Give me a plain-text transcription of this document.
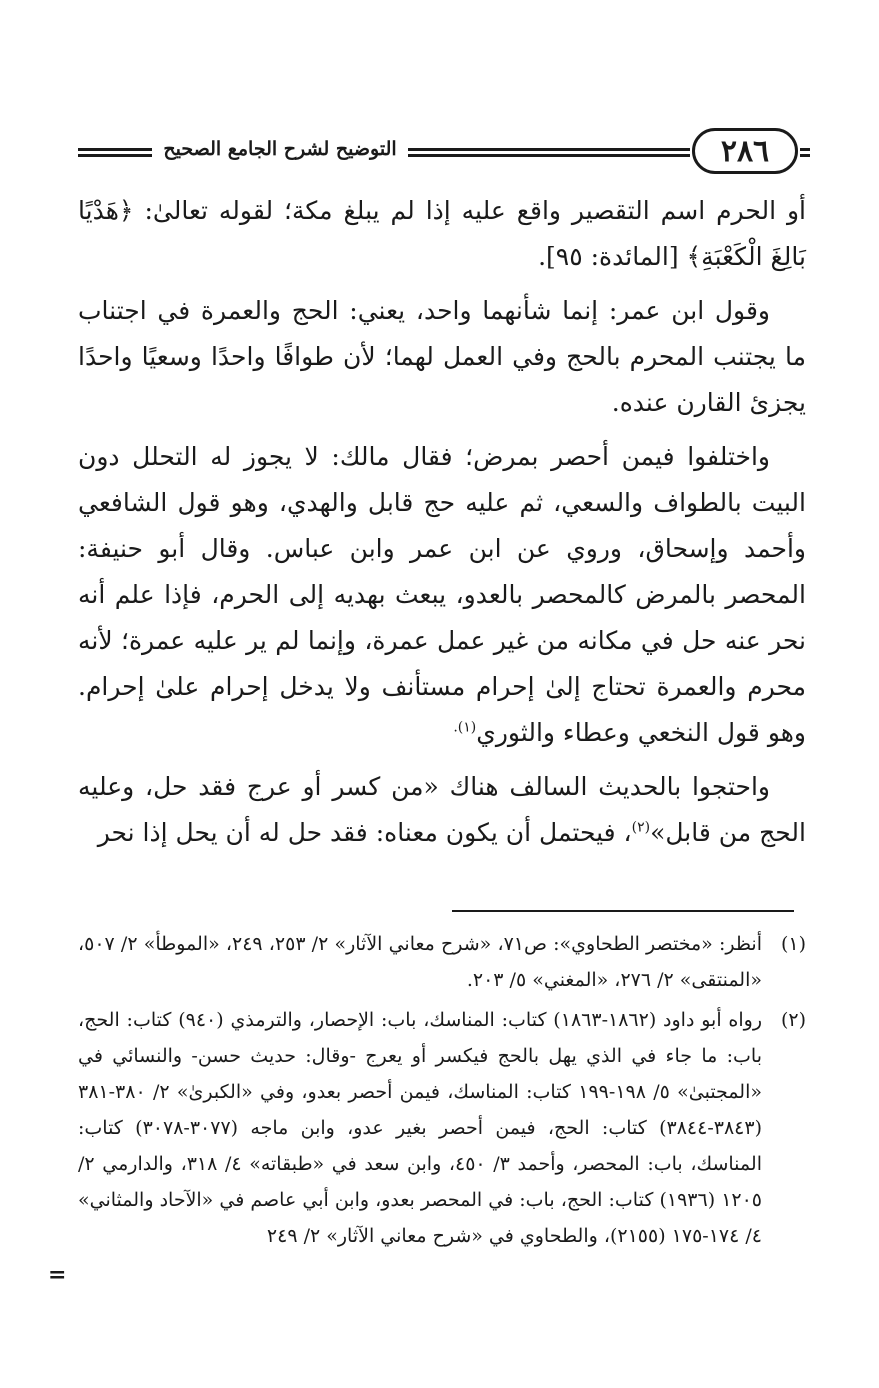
التوضيح لشرح الجامع الصحيح	٢٨٦

أو الحرم اسم التقصير واقع عليه إذا لم يبلغ مكة؛ لقوله تعالىٰ: ﴿هَدْيًا بَالِغَ الْكَعْبَةِ﴾ [المائدة: ٩٥].

وقول ابن عمر: إنما شأنهما واحد، يعني: الحج والعمرة في اجتناب ما يجتنب المحرم بالحج وفي العمل لهما؛ لأن طوافًا واحدًا وسعيًا واحدًا يجزئ القارن عنده.

واختلفوا فيمن أحصر بمرض؛ فقال مالك: لا يجوز له التحلل دون البيت بالطواف والسعي، ثم عليه حج قابل والهدي، وهو قول الشافعي وأحمد وإسحاق، وروي عن ابن عمر وابن عباس. وقال أبو حنيفة: المحصر بالمرض كالمحصر بالعدو، يبعث بهديه إلى الحرم، فإذا علم أنه نحر عنه حل في مكانه من غير عمل عمرة، وإنما لم ير عليه عمرة؛ لأنه محرم والعمرة تحتاج إلىٰ إحرام مستأنف ولا يدخل إحرام علىٰ إحرام. وهو قول النخعي وعطاء والثوري$^{(١).}$

واحتجوا بالحديث السالف هناك «من كسر أو عرج فقد حل، وعليه الحج من قابل»$^{(٢)}$، فيحتمل أن يكون معناه: فقد حل له أن يحل إذا نحر

(١)
أنظر: «مختصر الطحاوي»: ص٧١، «شرح معاني الآثار» ٢/ ٢٥٣، ٢٤٩، «الموطأ» ٢/ ٥٠٧، «المنتقى» ٢/ ٢٧٦، «المغني» ٥/ ٢٠٣.
(٢)
رواه أبو داود (١٨٦٢-١٨٦٣) كتاب: المناسك، باب: الإحصار، والترمذي (٩٤٠) كتاب: الحج، باب: ما جاء في الذي يهل بالحج فيكسر أو يعرج -وقال: حديث حسن- والنسائي في «المجتبىٰ» ٥/ ١٩٨-١٩٩ كتاب: المناسك، فيمن أحصر بعدو، وفي «الكبرىٰ» ٢/ ٣٨٠-٣٨١ (٣٨٤٣-٣٨٤٤) كتاب: الحج، فيمن أحصر بغير عدو، وابن ماجه (٣٠٧٧-٣٠٧٨) كتاب: المناسك، باب: المحصر، وأحمد ٣/ ٤٥٠، وابن سعد في «طبقاته» ٤/ ٣١٨، والدارمي ٢/ ١٢٠٥ (١٩٣٦) كتاب: الحج، باب: في المحصر بعدو، وابن أبي عاصم في «الآحاد والمثاني» ٤/ ١٧٤-١٧٥ (٢١٥٥)، والطحاوي في «شرح معاني الآثار» ٢/ ٢٤٩
=
